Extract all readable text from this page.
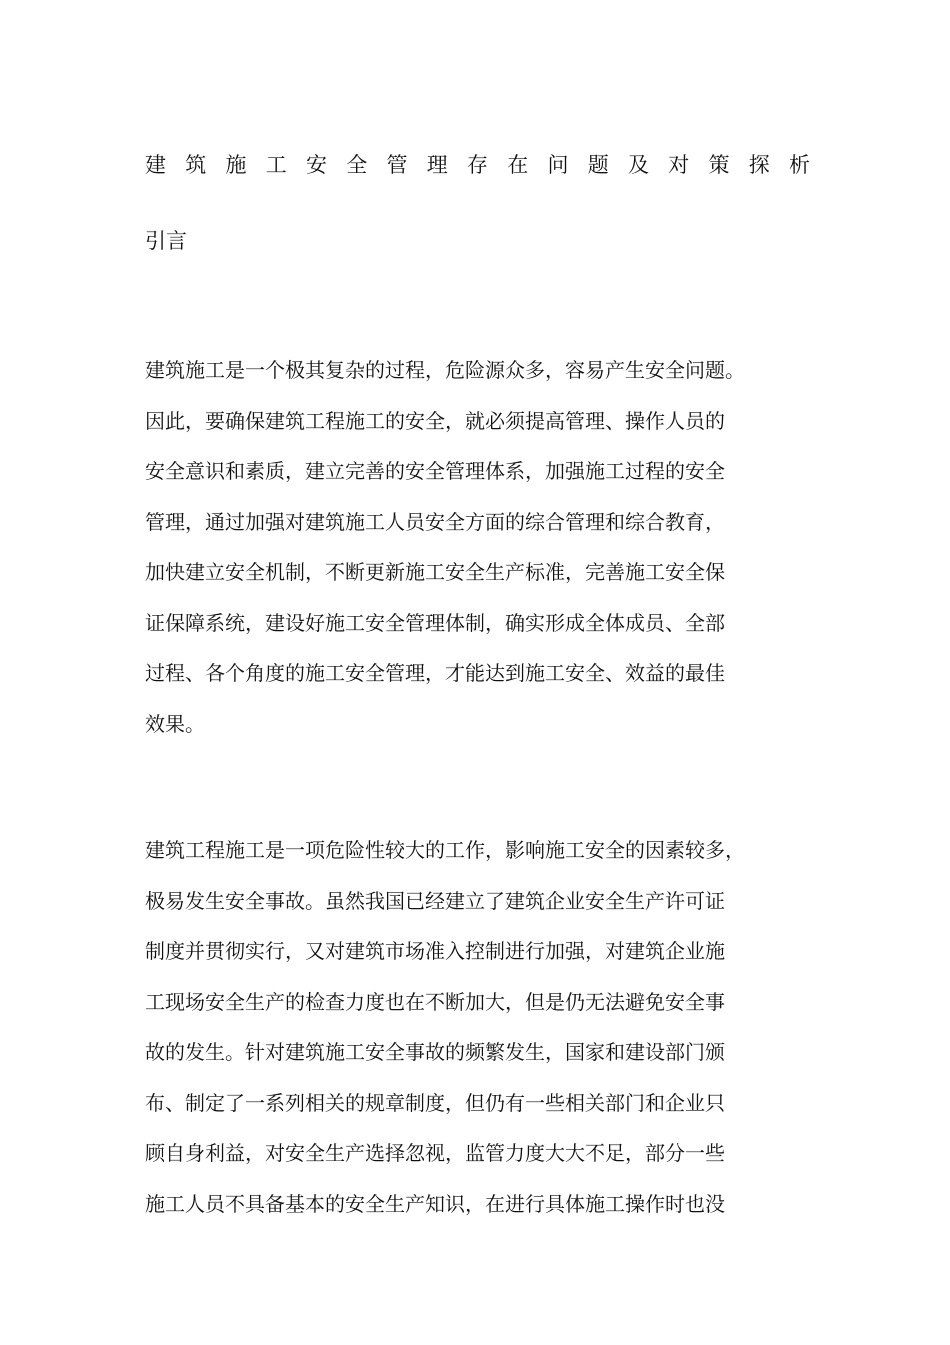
建 筑 施 工 安 全 管 理 存 在 问 题 及 对 策 探 析
引言
建筑施工是一个极其复杂的过程，危险源众多，容易产生安全问题。
因此，要确保建筑工程施工的安全，就必须提高管理、操作人员的
安全意识和素质，建立完善的安全管理体系，加强施工过程的安全
管理，通过加强对建筑施工人员安全方面的综合管理和综合教育，
加快建立安全机制，不断更新施工安全生产标准，完善施工安全保
证保障系统，建设好施工安全管理体制，确实形成全体成员、全部
过程、各个角度的施工安全管理，才能达到施工安全、效益的最佳
效果。
建筑工程施工是一项危险性较大的工作，影响施工安全的因素较多，
极易发生安全事故。虽然我国已经建立了建筑企业安全生产许可证
制度并贯彻实行，又对建筑市场准入控制进行加强，对建筑企业施
工现场安全生产的检查力度也在不断加大，但是仍无法避免安全事
故的发生。针对建筑施工安全事故的频繁发生，国家和建设部门颁
布、制定了一系列相关的规章制度，但仍有一些相关部门和企业只
顾自身利益，对安全生产选择忽视，监管力度大大不足，部分一些
施工人员不具备基本的安全生产知识，在进行具体施工操作时也没
